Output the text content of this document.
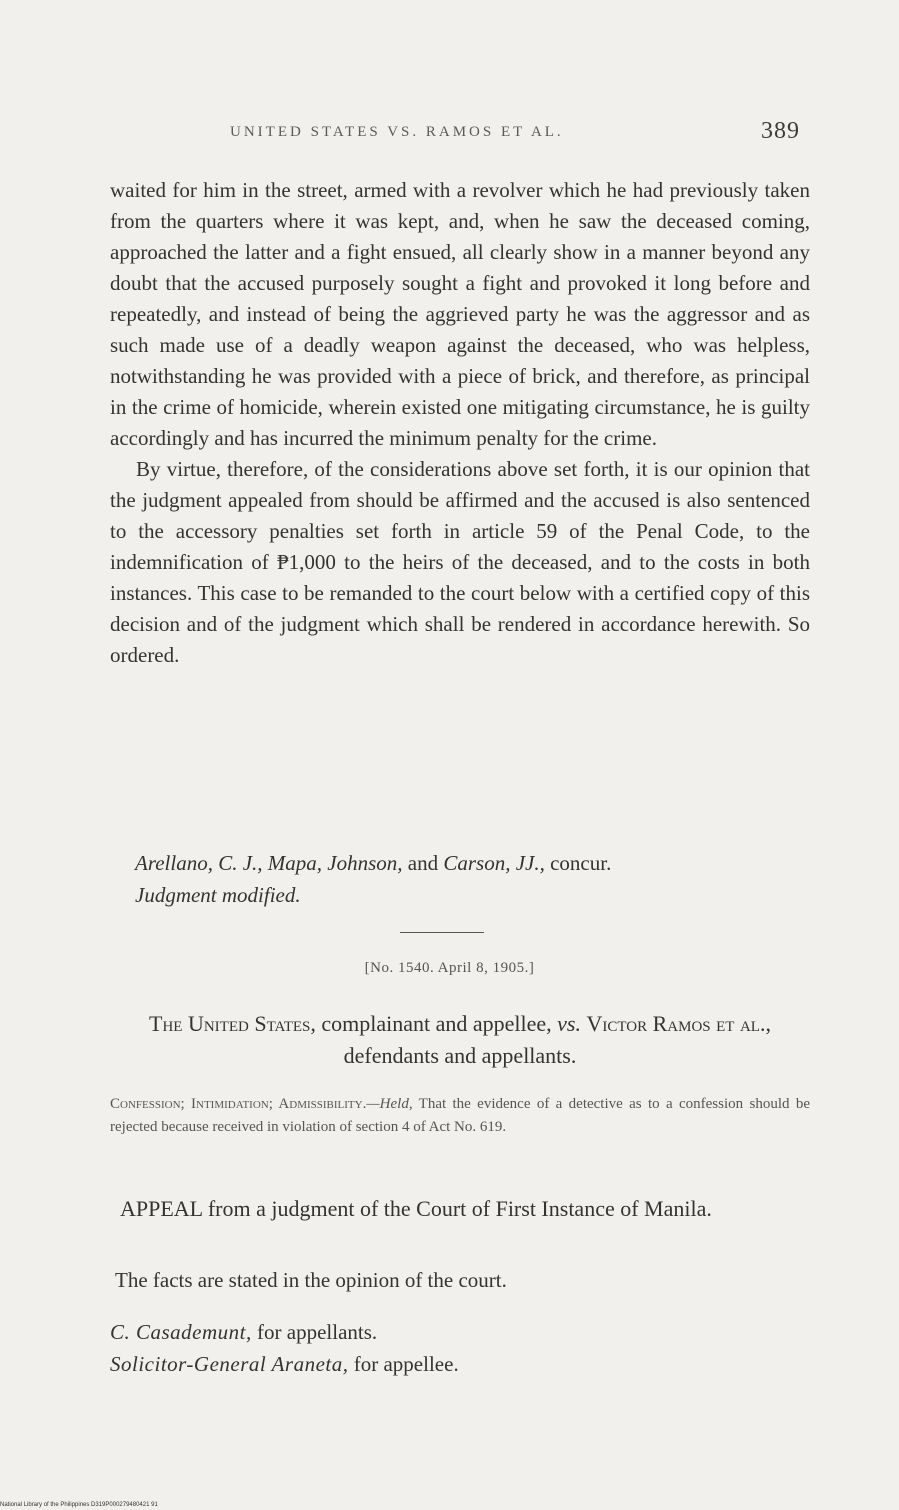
UNITED STATES VS. RAMOS ET AL.	389

waited for him in the street, armed with a revolver which he had previously taken from the quarters where it was kept, and, when he saw the deceased coming, approached the latter and a fight ensued, all clearly show in a manner beyond any doubt that the accused purposely sought a fight and provoked it long before and repeatedly, and instead of being the aggrieved party he was the aggressor and as such made use of a deadly weapon against the deceased, who was helpless, notwithstanding he was provided with a piece of brick, and therefore, as principal in the crime of homicide, wherein existed one mitigating circumstance, he is guilty accordingly and has incurred the minimum penalty for the crime.

By virtue, therefore, of the considerations above set forth, it is our opinion that the judgment appealed from should be affirmed and the accused is also sentenced to the accessory penalties set forth in article 59 of the Penal Code, to the indemnification of ₱1,000 to the heirs of the deceased, and to the costs in both instances. This case to be remanded to the court below with a certified copy of this decision and of the judgment which shall be rendered in accordance herewith. So ordered.

Arellano, C. J., Mapa, Johnson, and Carson, JJ., concur.
Judgment modified.
[No. 1540. April 8, 1905.]
The United States, complainant and appellee, vs. Victor Ramos et al., defendants and appellants.
Confession; Intimidation; Admissibility.—Held, That the evidence of a detective as to a confession should be rejected because received in violation of section 4 of Act No. 619.
APPEAL from a judgment of the Court of First Instance of Manila.
The facts are stated in the opinion of the court.
C. Casademunt, for appellants.
Solicitor-General Araneta, for appellee.
National Library of the Philippines D319P000279480421 91
